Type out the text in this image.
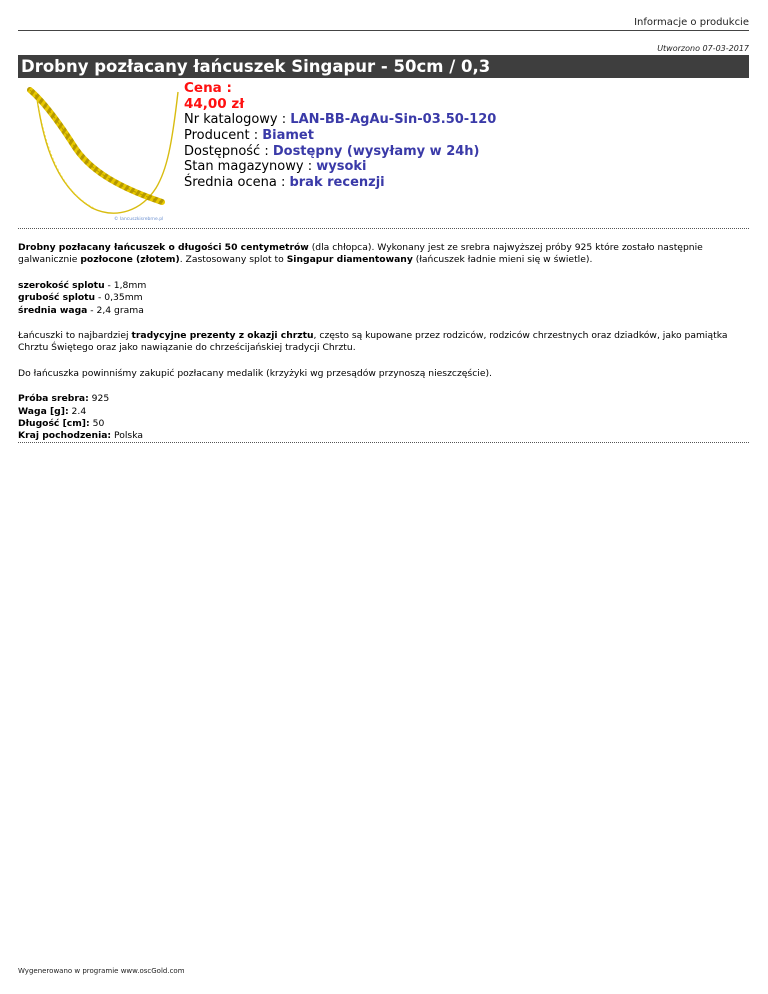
Informacje o produkcie
Utworzono 07-03-2017
Drobny pozłacany łańcuszek Singapur - 50cm / 0,3
© lancuszkisrebrne.pl
Cena :
44,00 zł
Nr katalogowy : LAN-BB-AgAu-Sin-03.50-120
Producent : Biamet
Dostępność : Dostępny (wysyłamy w 24h)
Stan magazynowy : wysoki
Średnia ocena : brak recenzji

Drobny pozłacany łańcuszek o długości 50 centymetrów (dla chłopca). Wykonany jest ze srebra najwyższej próby 925 które zostało następnie galwanicznie pozłocone (złotem). Zastosowany splot to Singapur diamentowany (łańcuszek ładnie mieni się w świetle).

szerokość splotu - 1,8mm
grubość splotu - 0,35mm
średnia waga - 2,4 grama

Łańcuszki to najbardziej tradycyjne prezenty z okazji chrztu, często są kupowane przez rodziców, rodziców chrzestnych oraz dziadków, jako pamiątka Chrztu Świętego oraz jako nawiązanie do chrześcijańskiej tradycji Chrztu.

Do łańcuszka powinniśmy zakupić pozłacany medalik (krzyżyki wg przesądów przynoszą nieszczęście).

Próba srebra: 925
Waga [g]: 2.4
Długość [cm]: 50
Kraj pochodzenia: Polska

Wygenerowano w programie www.oscGold.com
